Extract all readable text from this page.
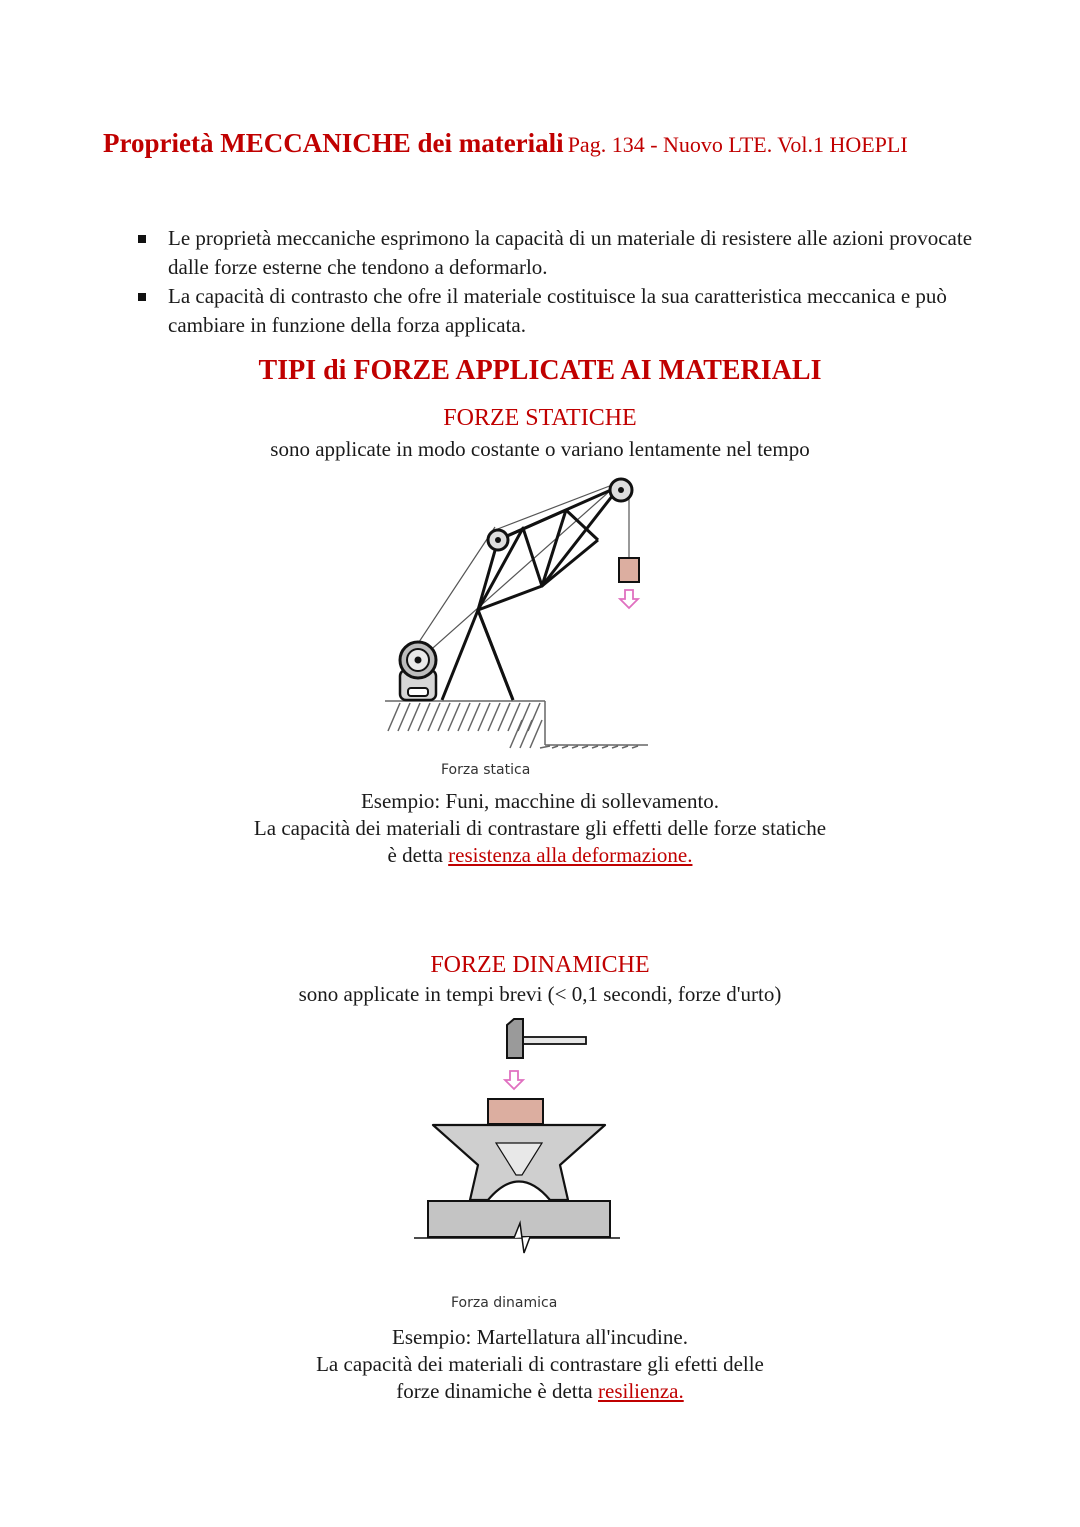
Proprietà MECCANICHE dei materiali Pag. 134 - Nuovo LTE. Vol.1 HOEPLI
Le proprietà meccaniche esprimono la capacità di un materiale di resistere alle azioni provocate dalle forze esterne che tendono a deformarlo.
La capacità di contrasto che ofre il materiale costituisce la sua caratteristica meccanica e può cambiare in funzione della forza applicata.
TIPI di FORZE APPLICATE AI MATERIALI
FORZE STATICHE
sono applicate in modo costante o variano lentamente nel tempo
Forza statica
Esempio: Funi, macchine di sollevamento.
La capacità dei materiali di contrastare gli effetti delle forze statiche
è detta resistenza alla deformazione.
FORZE DINAMICHE
sono applicate in tempi brevi (< 0,1 secondi, forze d'urto)
Forza dinamica
Esempio: Martellatura all'incudine.
La capacità dei materiali di contrastare gli efetti delle
forze dinamiche è detta resilienza.
